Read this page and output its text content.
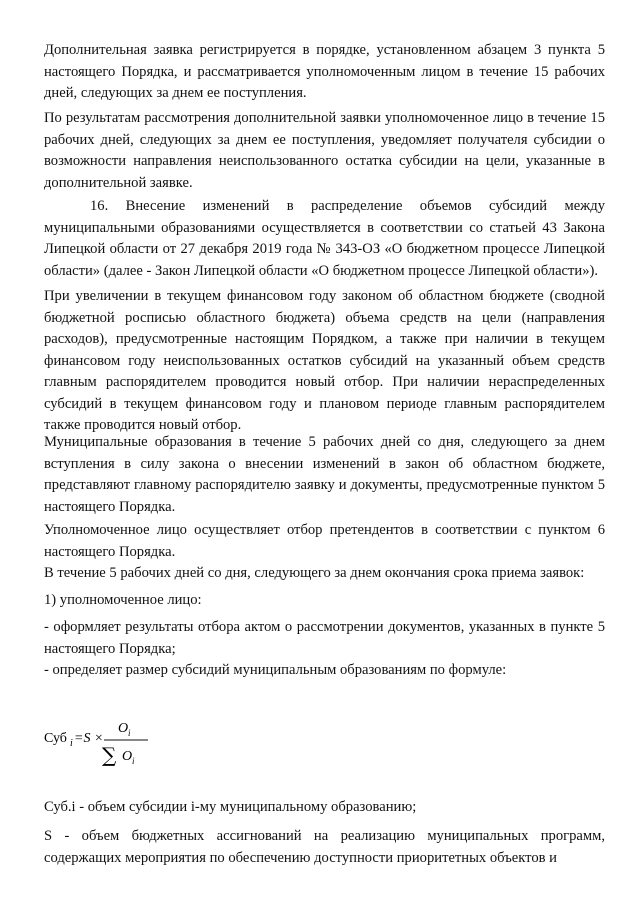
Дополнительная заявка регистрируется в порядке, установленном абзацем 3 пункта 5 настоящего Порядка, и рассматривается уполномоченным лицом в течение 15 рабочих дней, следующих за днем ее поступления.

По результатам рассмотрения дополнительной заявки уполномоченное лицо в течение 15 рабочих дней, следующих за днем ее поступления, уведомляет получателя субсидии о возможности направления неиспользованного остатка субсидии на цели, указанные в дополнительной заявке.

16. Внесение изменений в распределение объемов субсидий между муниципальными образованиями осуществляется в соответствии со статьей 43 Закона Липецкой области от 27 декабря 2019 года № 343-ОЗ «О бюджетном процессе Липецкой области» (далее - Закон Липецкой области «О бюджетном процессе Липецкой области»).

При увеличении в текущем финансовом году законом об областном бюджете (сводной бюджетной росписью областного бюджета) объема средств на цели (направления расходов), предусмотренные настоящим Порядком, а также при наличии в текущем финансовом году неиспользованных остатков субсидий на указанный объем средств главным распорядителем проводится новый отбор. При наличии нераспределенных субсидий в текущем финансовом году и плановом периоде главным распорядителем также проводится новый отбор.

Муниципальные образования в течение 5 рабочих дней со дня, следующего за днем вступления в силу закона о внесении изменений в закон об областном бюджете, представляют главному распорядителю заявку и документы, предусмотренные пунктом 5 настоящего Порядка.

Уполномоченное лицо осуществляет отбор претендентов в соответствии с пунктом 6 настоящего Порядка.

В течение 5 рабочих дней со дня, следующего за днем окончания срока приема заявок:

1) уполномоченное лицо:

- оформляет результаты отбора актом о рассмотрении документов, указанных в пункте 5 настоящего Порядка;

- определяет размер субсидий муниципальным образованиям по формуле:

Суб i =S ×
O i
∑ O i

Суб.i - объем субсидии i-му муниципальному образованию;

S - объем бюджетных ассигнований на реализацию муниципальных программ, содержащих мероприятия по обеспечению доступности приоритетных объектов и
